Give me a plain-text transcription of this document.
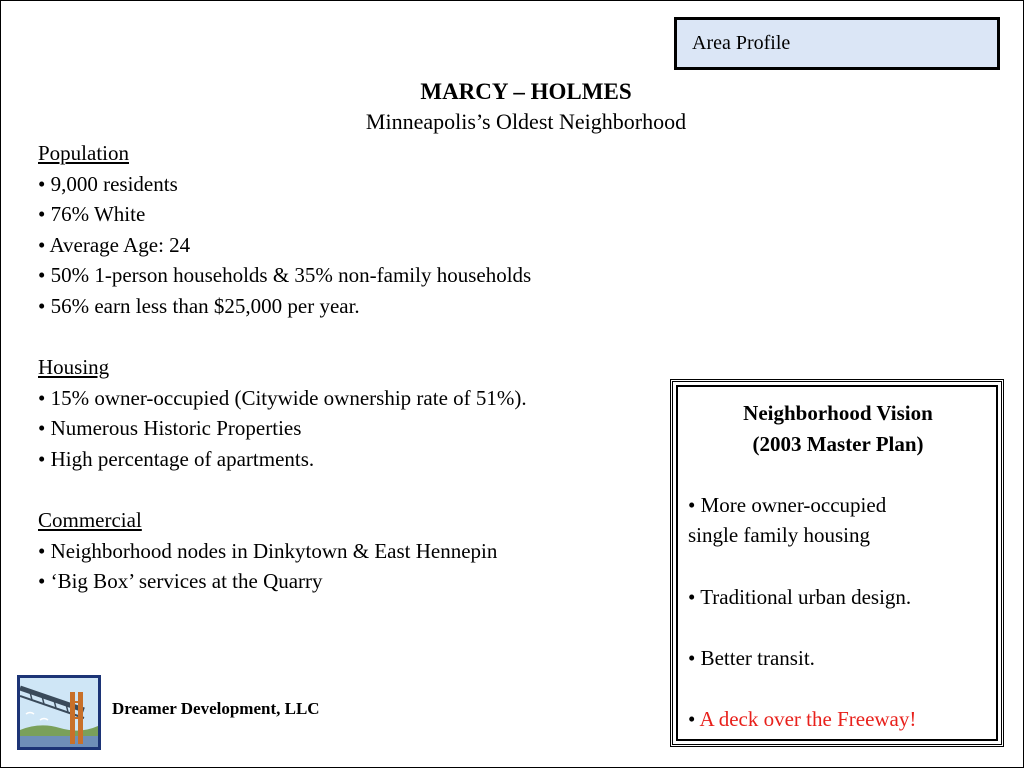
Area Profile
MARCY – HOLMES
Minneapolis’s Oldest Neighborhood
Population
• 9,000 residents
• 76% White
• Average Age: 24
• 50% 1-person households & 35% non-family households
• 56% earn less than $25,000 per year.
Housing
• 15% owner-occupied (Citywide ownership rate of 51%).
• Numerous Historic Properties
• High percentage of apartments.
Commercial
• Neighborhood nodes in Dinkytown & East Hennepin
• ‘Big Box’ services at the Quarry
Neighborhood Vision
(2003 Master Plan)
• More owner-occupied
single family housing
• Traditional urban design.
• Better transit.
• A deck over the Freeway!
Dreamer Development, LLC
